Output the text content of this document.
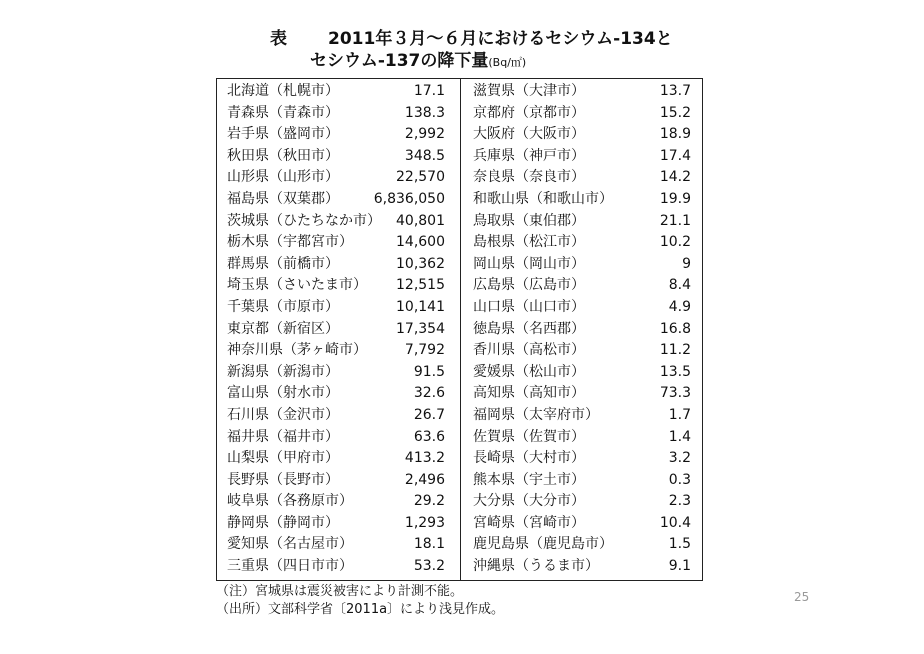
表 2011年３月～６月におけるセシウム-134と
セシウム-137の降下量(Bq/㎡)
北海道（札幌市）	17.1
青森県（青森市）	138.3
岩手県（盛岡市）	2,992
秋田県（秋田市）	348.5
山形県（山形市）	22,570
福島県（双葉郡） 6,836,050
茨城県（ひたちなか市） 40,801
栃木県（宇都宮市）	14,600
群馬県（前橋市）	10,362
埼玉県（さいたま市） 12,515
千葉県（市原市）	10,141
東京都（新宿区）	17,354
神奈川県（茅ヶ崎市）	7,792
新潟県（新潟市）	91.5
富山県（射水市）	32.6
石川県（金沢市）	26.7
福井県（福井市）	63.6
山梨県（甲府市）	413.2
長野県（長野市）	2,496
岐阜県（各務原市）	29.2
静岡県（静岡市）	1,293
愛知県（名古屋市）	18.1
三重県（四日市市）	53.2
滋賀県（大津市）	13.7
京都府（京都市）	15.2
大阪府（大阪市）	18.9
兵庫県（神戸市）	17.4
奈良県（奈良市）	14.2
和歌山県（和歌山市）	19.9
鳥取県（東伯郡）	21.1
島根県（松江市）	10.2
岡山県（岡山市）	9
広島県（広島市）	8.4
山口県（山口市）	4.9
徳島県（名西郡）	16.8
香川県（高松市）	11.2
愛媛県（松山市）	13.5
高知県（高知市）	73.3
福岡県（太宰府市）	1.7
佐賀県（佐賀市）	1.4
長崎県（大村市）	3.2
熊本県（宇土市）	0.3
大分県（大分市）	2.3
宮崎県（宮崎市）	10.4
鹿児島県（鹿児島市）	1.5
沖縄県（うるま市）	9.1
（注）宮城県は震災被害により計測不能。
（出所）文部科学省〔2011a〕により浅見作成。
25
